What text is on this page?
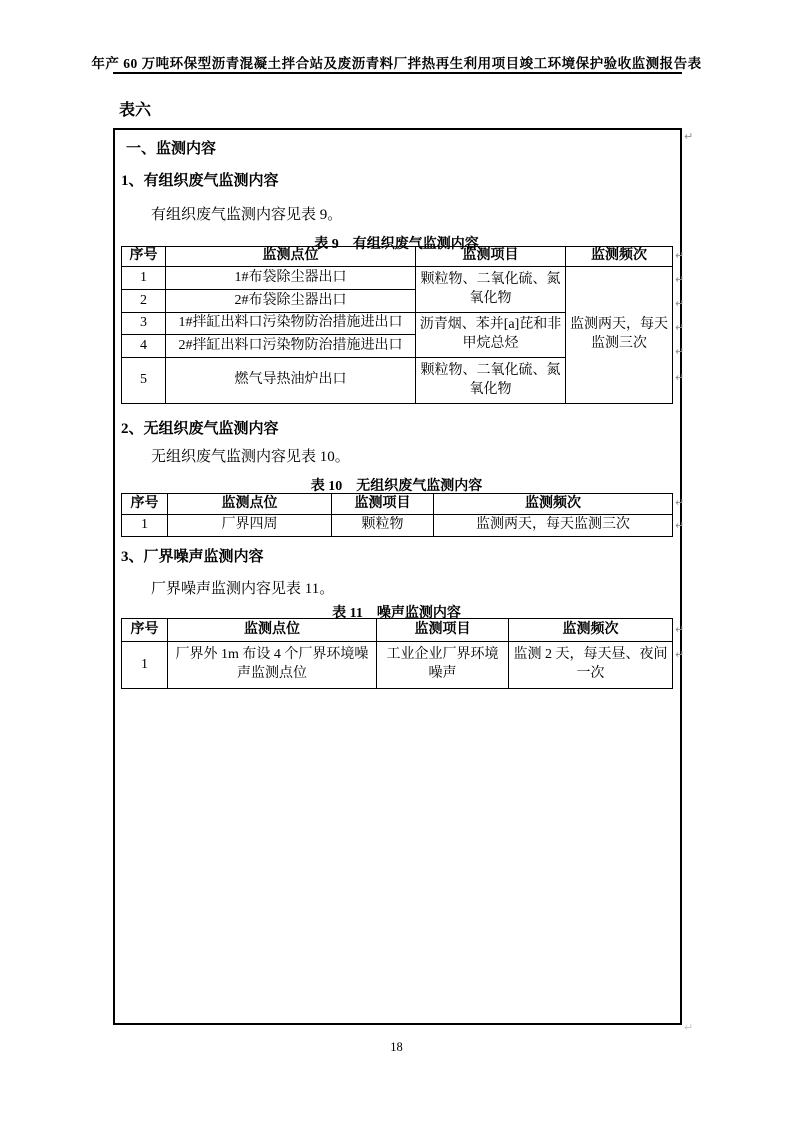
年产 60 万吨环保型沥青混凝土拌合站及废沥青料厂拌热再生利用项目竣工环境保护验收监测报告表
表六
一、监测内容
1、有组织废气监测内容
有组织废气监测内容见表 9。
表 9　有组织废气监测内容
序号	监测点位	监测项目	监测频次
1	1#布袋除尘器出口	颗粒物、二氧化硫、氮氧化物	监测两天，每天监测三次
2	2#布袋除尘器出口		
3	1#拌缸出料口污染物防治措施进出口	沥青烟、苯并[a]芘和非甲烷总烃	
4	2#拌缸出料口污染物防治措施进出口		
5	燃气导热油炉出口	颗粒物、二氧化硫、氮氧化物	
2、无组织废气监测内容
无组织废气监测内容见表 10。
表 10　无组织废气监测内容
序号	监测点位	监测项目	监测频次
1	厂界四周	颗粒物	监测两天，每天监测三次
3、厂界噪声监测内容
厂界噪声监测内容见表 11。
表 11　噪声监测内容
序号	监测点位	监测项目	监测频次
1	厂界外 1m 布设 4 个厂界环境噪声监测点位	工业企业厂界环境噪声	监测 2 天，每天昼、夜间一次
↵
↵
↵
↵
↵
↵
↵
↵
↵
↵
↵
↵
18
